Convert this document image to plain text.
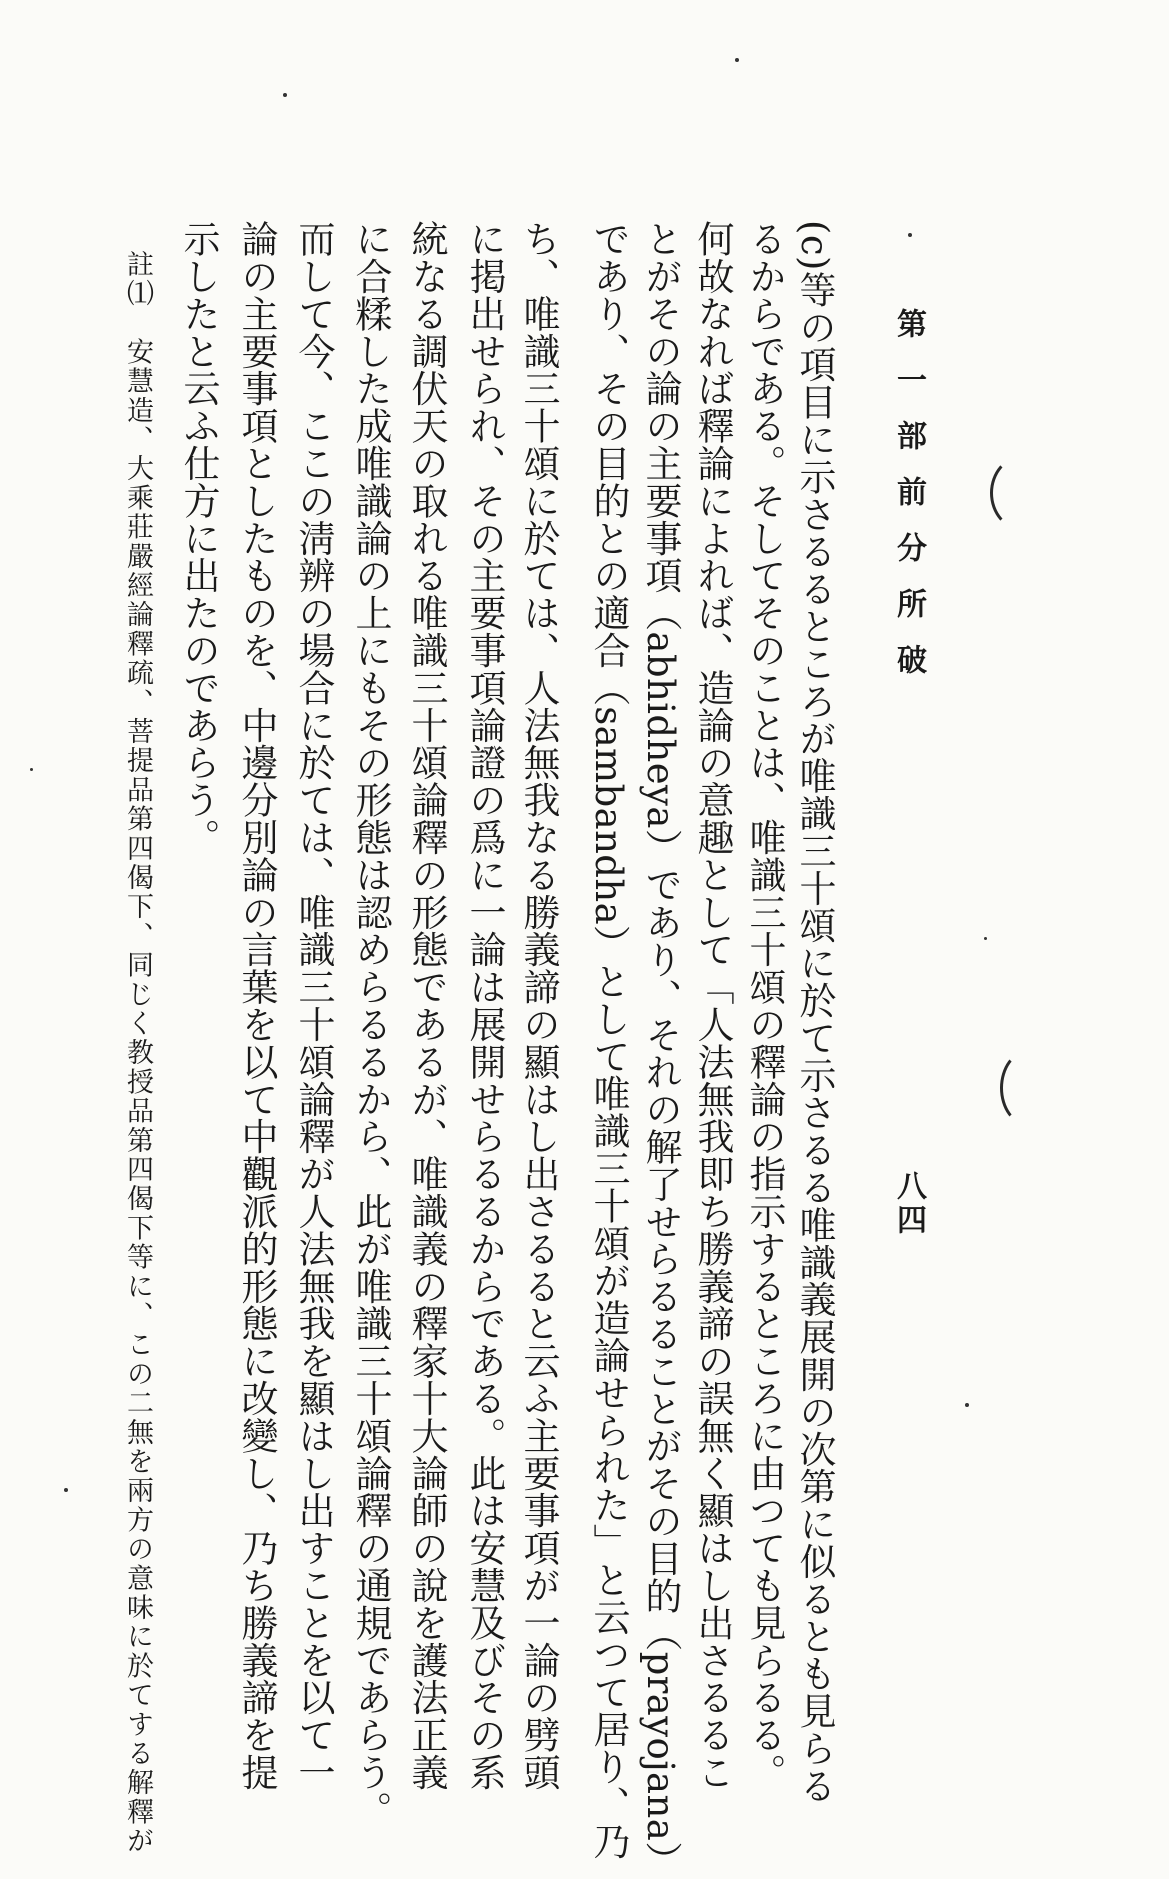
第一部前分所破
八四
(c)等の項目に示さるるところが唯識三十頌に於て示さるる唯識義展開の次第に似るとも見らる
るからである。そしてそのことは、唯識三十頌の釋論の指示するところに由つても見らるる。
何故なれば釋論によれば、造論の意趣として「人法無我即ち勝義諦の誤無く顯はし出さるるこ
とがその論の主要事項（abhidheya）であり、それの解了せらるることがその目的（prayojana）
であり、その目的との適合（sambandha）として唯識三十頌が造論せられた」と云つて居り、乃
ち、唯識三十頌に於ては、人法無我なる勝義諦の顯はし出さるると云ふ主要事項が一論の劈頭
に掲出せられ、その主要事項論證の爲に一論は展開せらるるからである。此は安慧及びその系
統なる調伏天の取れる唯識三十頌論釋の形態であるが、唯識義の釋家十大論師の說を護法正義
に合糅した成唯識論の上にもその形態は認めらるるから、此が唯識三十頌論釋の通規であらう。
而して今、ここの淸辨の場合に於ては、唯識三十頌論釋が人法無我を顯はし出すことを以て一
論の主要事項としたものを、中邊分別論の言葉を以て中觀派的形態に改變し、乃ち勝義諦を提
示したと云ふ仕方に出たのであらう。
註⑴　安慧造、大乘莊嚴經論釋疏、菩提品第四偈下、同じく教授品第四偈下等に、この二無を兩方の意味に於てする解釋が
